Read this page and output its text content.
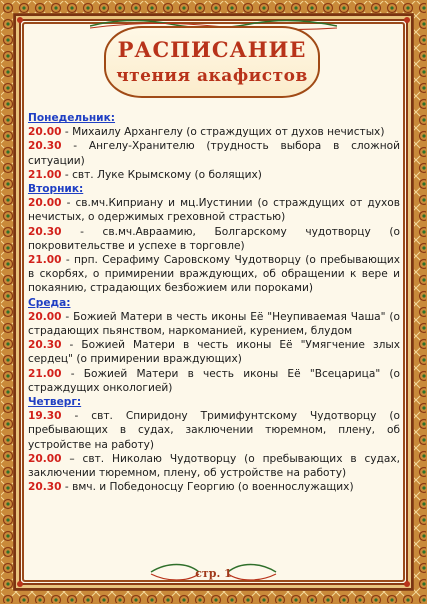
РАСПИСАНИЕ
чтения акафистов
Понедельник:
20.00 - Михаилу Архангелу (о страждущих от духов нечистых)
20.30 - Ангелу-Хранителю (трудность выбора в сложной ситуации)
21.00 - свт. Луке Крымскому (о болящих)
Вторник:
20.00 - св.мч.Киприану и мц.Иустинии (о страждущих от духов нечистых, о одержимых греховной страстью)
20.30 - св.мч.Авраамию, Болгарскому чудотворцу (о покровительстве и успехе в торговле)
21.00 - прп. Серафиму Саровскому Чудотворцу (о пребывающих в скорбях, о примирении враждующих, об обращении к вере и покаянию, страдающих безбожием или пороками)
Среда:
20.00 - Божией Матери в честь иконы Её "Неупиваемая Чаша" (о страдающих пьянством, наркоманией, курением, блудом
20.30 - Божией Матери в честь иконы Её "Умягчение злых сердец" (о примирении враждующих)
21.00 - Божией Матери в честь иконы Её "Всецарица" (о страждущих онкологией)
Четверг:
19.30 - свт. Спиридону Тримифунтскому Чудотворцу (о пребывающих в судах, заключении тюремном, плену, об устройстве на работу)
20.00 – свт. Николаю Чудотворцу (о пребывающих в судах, заключении тюремном, плену, об устройстве на работу)
20.30 - вмч. и Победоносцу Георгию (о военнослужащих)
стр. 1
